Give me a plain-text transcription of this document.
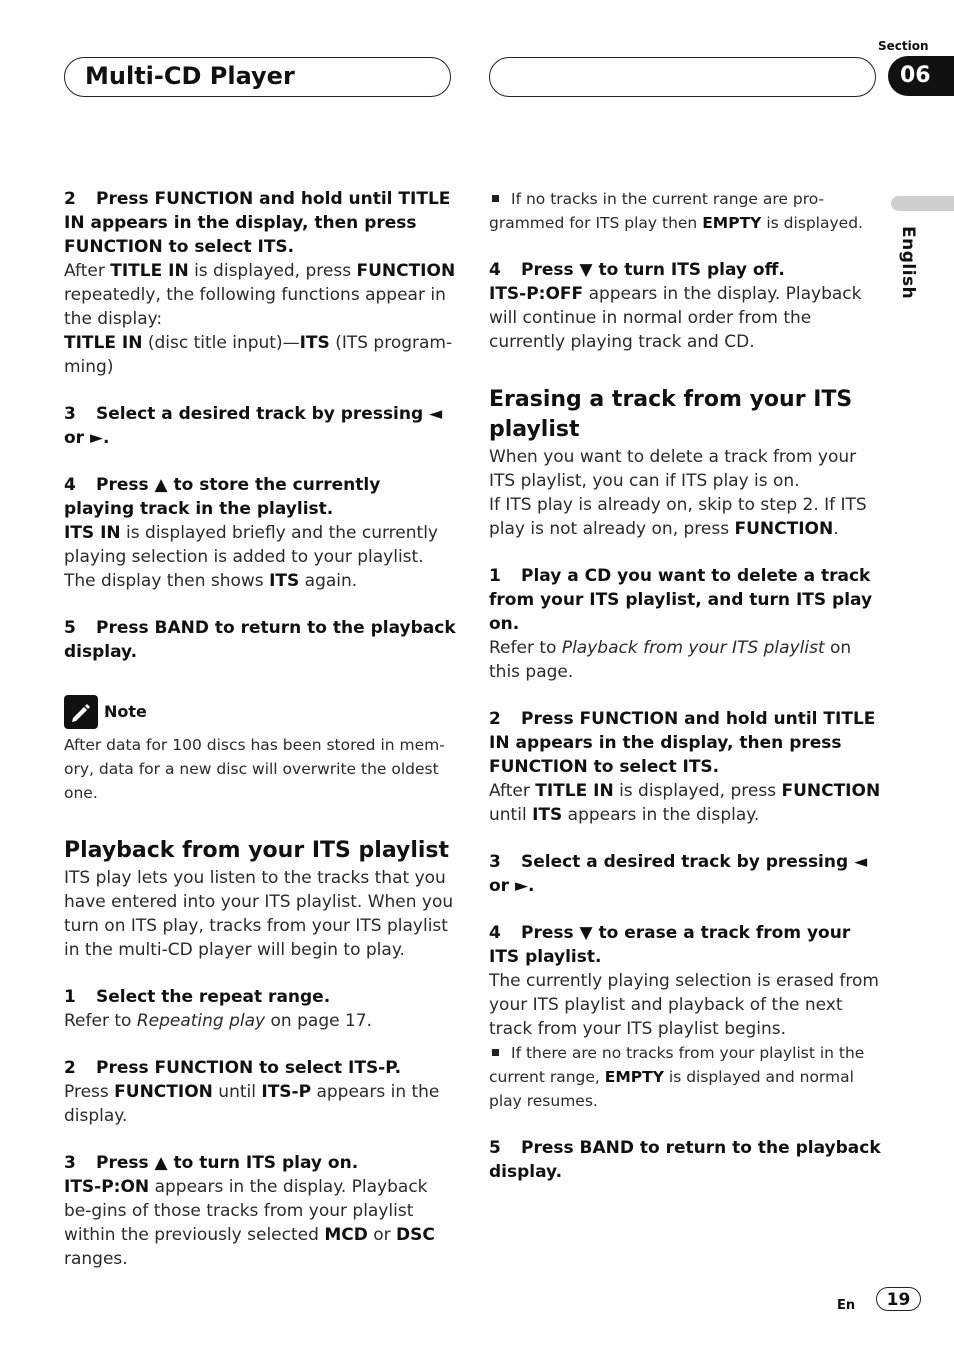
Multi-CD Player
Section
06
English

2 Press FUNCTION and hold until TITLE IN appears in the display, then press FUNCTION to select ITS.

After TITLE IN is displayed, press FUNCTION repeatedly, the following functions appear in the display:

TITLE IN (disc title input)—ITS (ITS program-ming)

3 Select a desired track by pressing ◄ or ►.

4 Press ▲ to store the currently playing track in the playlist.

ITS IN is displayed briefly and the currently playing selection is added to your playlist. The display then shows ITS again.

5 Press BAND to return to the playback display.

Note

After data for 100 discs has been stored in mem-ory, data for a new disc will overwrite the oldest one.

Playback from your ITS playlist

ITS play lets you listen to the tracks that you have entered into your ITS playlist. When you turn on ITS play, tracks from your ITS playlist in the multi-CD player will begin to play.

1 Select the repeat range.

Refer to Repeating play on page 17.

2 Press FUNCTION to select ITS-P.

Press FUNCTION until ITS-P appears in the display.

3 Press ▲ to turn ITS play on.

ITS-P:ON appears in the display. Playback be-gins of those tracks from your playlist within the previously selected MCD or DSC ranges.

If no tracks in the current range are pro-grammed for ITS play then EMPTY is displayed.

4 Press ▼ to turn ITS play off.

ITS-P:OFF appears in the display. Playback will continue in normal order from the currently playing track and CD.

Erasing a track from your ITS playlist

When you want to delete a track from your ITS playlist, you can if ITS play is on.

If ITS play is already on, skip to step 2. If ITS play is not already on, press FUNCTION.

1 Play a CD you want to delete a track from your ITS playlist, and turn ITS play on.

Refer to Playback from your ITS playlist on this page.

2 Press FUNCTION and hold until TITLE IN appears in the display, then press FUNCTION to select ITS.

After TITLE IN is displayed, press FUNCTION until ITS appears in the display.

3 Select a desired track by pressing ◄ or ►.

4 Press ▼ to erase a track from your ITS playlist.

The currently playing selection is erased from your ITS playlist and playback of the next track from your ITS playlist begins.

If there are no tracks from your playlist in the current range, EMPTY is displayed and normal play resumes.

5 Press BAND to return to the playback display.

En	19
